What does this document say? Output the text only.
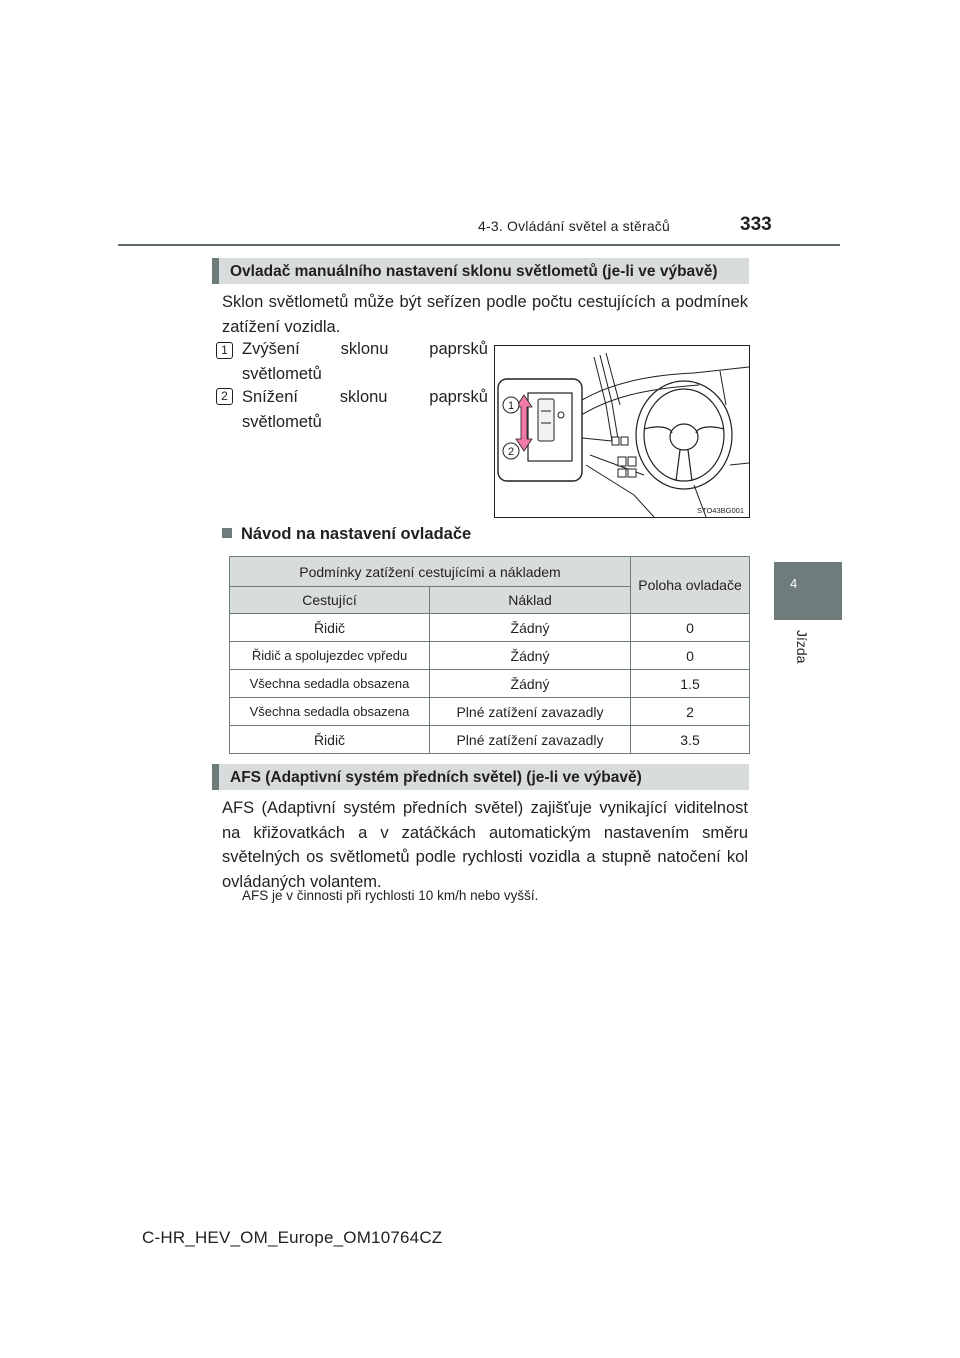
4-3. Ovládání světel a stěračů	333
4
Jízda
Ovladač manuálního nastavení sklonu světlometů (je-li ve výbavě)
Sklon světlometů může být seřízen podle počtu cestujících a podmínek zatížení vozidla.
1 Zvýšení sklonu paprsků světlometů
2 Snížení sklonu paprsků světlometů
1
2
STO43BG001
Návod na nastavení ovladače
Podmínky zatížení cestujícími a nákladem		Poloha ovladače
Cestující	Náklad	
Řidič	Žádný	0
Řidič a spolujezdec vpředu	Žádný	0
Všechna sedadla obsazena	Žádný	1.5
Všechna sedadla obsazena	Plné zatížení zavazadly	2
Řidič	Plné zatížení zavazadly	3.5
AFS (Adaptivní systém předních světel) (je-li ve výbavě)
AFS (Adaptivní systém předních světel) zajišťuje vynikající viditelnost na křižovatkách a v zatáčkách automatickým nastavením směru světelných os světlometů podle rychlosti vozidla a stupně natočení kol ovládaných volantem.
AFS je v činnosti při rychlosti 10 km/h nebo vyšší.
C-HR_HEV_OM_Europe_OM10764CZ
